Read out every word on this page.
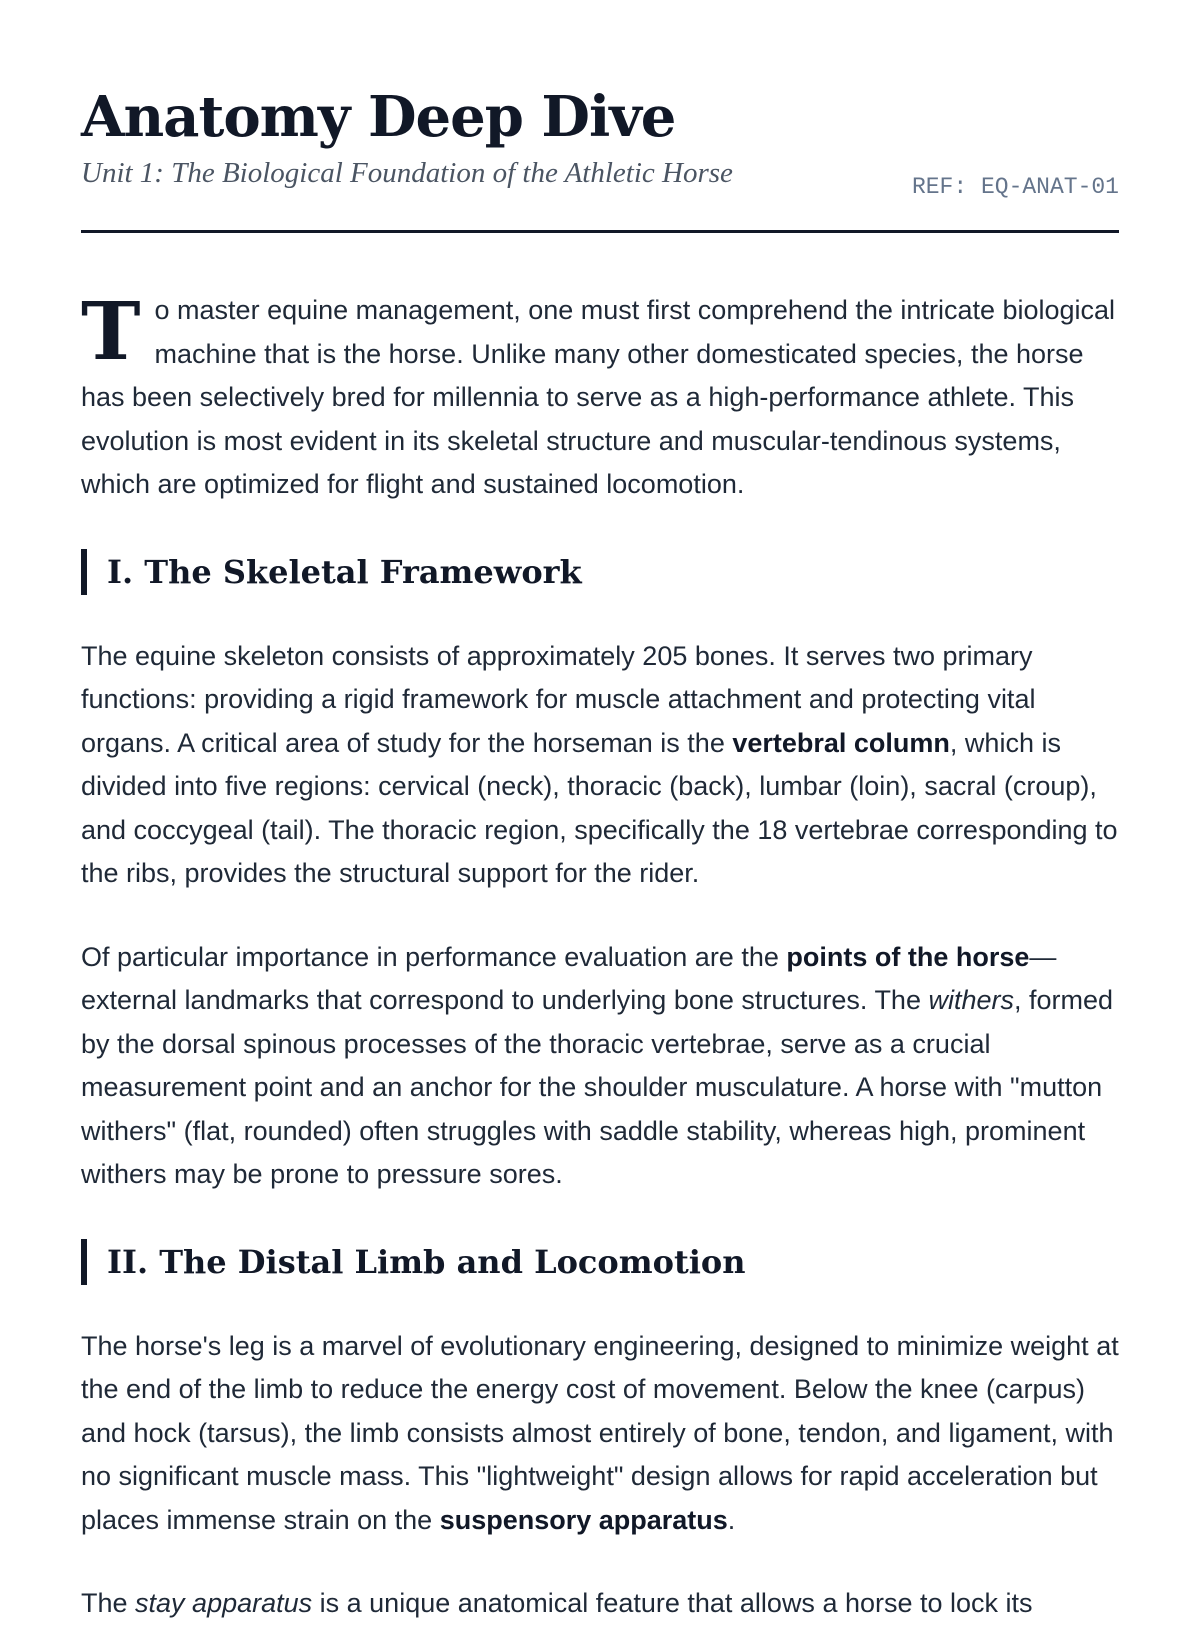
Anatomy Deep Dive
Unit 1: The Biological Foundation of the Athletic Horse	REF: EQ-ANAT-01

To master equine management, one must first comprehend the intricate biological machine that is the horse. Unlike many other domesticated species, the horse has been selectively bred for millennia to serve as a high-performance athlete. This evolution is most evident in its skeletal structure and muscular-tendinous systems, which are optimized for flight and sustained locomotion.

I. The Skeletal Framework

The equine skeleton consists of approximately 205 bones. It serves two primary functions: providing a rigid framework for muscle attachment and protecting vital organs. A critical area of study for the horseman is the vertebral column, which is divided into five regions: cervical (neck), thoracic (back), lumbar (loin), sacral (croup), and coccygeal (tail). The thoracic region, specifically the 18 vertebrae corresponding to the ribs, provides the structural support for the rider.

Of particular importance in performance evaluation are the points of the horse—external landmarks that correspond to underlying bone structures. The withers, formed by the dorsal spinous processes of the thoracic vertebrae, serve as a crucial measurement point and an anchor for the shoulder musculature. A horse with "mutton withers" (flat, rounded) often struggles with saddle stability, whereas high, prominent withers may be prone to pressure sores.

II. The Distal Limb and Locomotion

The horse's leg is a marvel of evolutionary engineering, designed to minimize weight at the end of the limb to reduce the energy cost of movement. Below the knee (carpus) and hock (tarsus), the limb consists almost entirely of bone, tendon, and ligament, with no significant muscle mass. This "lightweight" design allows for rapid acceleration but places immense strain on the suspensory apparatus.

The stay apparatus is a unique anatomical feature that allows a horse to lock its
